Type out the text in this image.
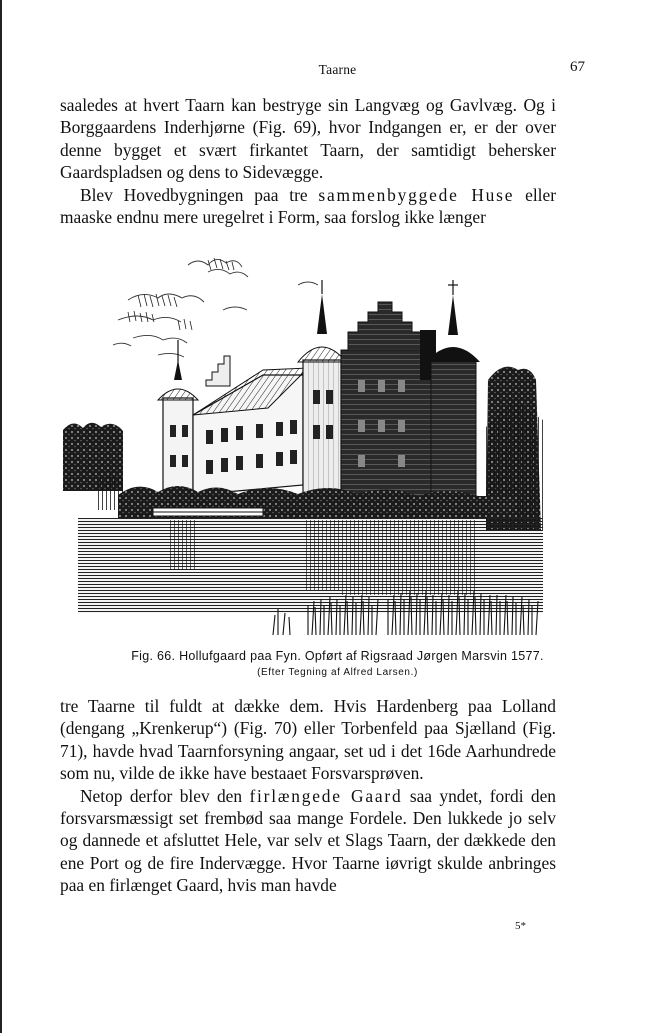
Taarne	67

saaledes at hvert Taarn kan bestryge sin Langvæg og Gavlvæg. Og i Borggaardens Inderhjørne (Fig. 69), hvor Indgangen er, er der over denne bygget et svært firkantet Taarn, der samtidigt behersker Gaardspladsen og dens to Sidevægge.

Blev Hovedbygningen paa tre sammenbyggede Huse eller maaske endnu mere uregelret i Form, saa forslog ikke længer

Fig. 66. Hollufgaard paa Fyn. Opført af Rigsraad Jørgen Marsvin 1577.
(Efter Tegning af Alfred Larsen.)

tre Taarne til fuldt at dække dem. Hvis Hardenberg paa Lolland (dengang „Krenkerup“) (Fig. 70) eller Torbenfeld paa Sjælland (Fig. 71), havde hvad Taarnforsyning angaar, set ud i det 16de Aarhundrede som nu, vilde de ikke have bestaaet Forsvarsprøven.

Netop derfor blev den firlængede Gaard saa yndet, fordi den forsvarsmæssigt set frembød saa mange Fordele. Den lukkede jo selv og dannede et afsluttet Hele, var selv et Slags Taarn, der dækkede den ene Port og de fire Indervægge. Hvor Taarne iøvrigt skulde anbringes paa en firlænget Gaard, hvis man havde

5*
